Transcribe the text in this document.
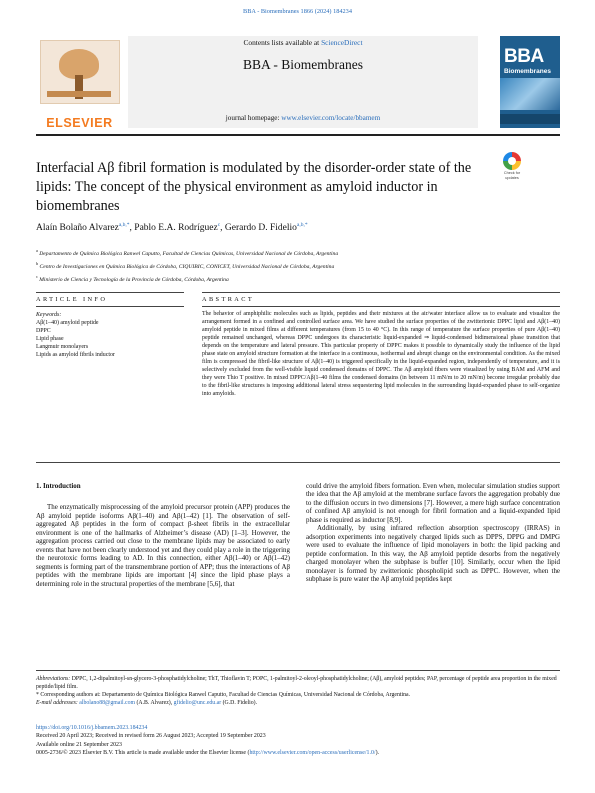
BBA - Biomembranes 1866 (2024) 184234
ELSEVIER
Contents lists available at ScienceDirect
BBA - Biomembranes
journal homepage: www.elsevier.com/locate/bbamem
BBA
Biomembranes
Interfacial Aβ fibril formation is modulated by the disorder-order state of the lipids: The concept of the physical environment as amyloid inductor in biomembranes
Check for updates
Alaín Bolaño Alvarez$^{a,b,*}$, Pablo E.A. Rodríguez$^c$, Gerardo D. Fidelio$^{a,b,*}$
$^a$ Departamento de Química Biológica Ranwel Caputto, Facultad de Ciencias Químicas, Universidad Nacional de Córdoba, Argentina
$^b$ Centro de Investigaciones en Química Biológica de Córdoba, CIQUIBIC, CONICET, Universidad Nacional de Córdoba, Argentina
$^c$ Ministerio de Ciencia y Tecnología de la Provincia de Córdoba, Córdoba, Argentina
ARTICLE INFO	ABSTRACT
Keywords:
Aβ(1–40) amyloid peptide
DPPC
Lipid phase
Langmuir monolayers
Lipids as amyloid fibrils inductor
The behavior of amphiphilic molecules such as lipids, peptides and their mixtures at the air/water interface allow us to evaluate and visualize the arrangement formed in a confined and controlled surface area. We have studied the surface properties of the zwitterionic DPPC lipid and Aβ(1–40) amyloid peptide in mixed films at different temperatures (from 15 to 40 °C). In this range of temperature the surface properties of pure Aβ(1–40) peptide remained unchanged, whereas DPPC undergoes its characteristic liquid-expanded ⇒ liquid-condensed bidimensional phase transition that depends on the temperature and lateral pressure. This particular property of DPPC makes it possible to dynamically study the influence of the lipid phase state on amyloid structure formation at the interface in a continuous, isothermal and abrupt change on the environmental condition. As the mixed film is compressed the fibril-like structure of Aβ(1–40) is triggered specifically in the liquid-expanded region, independently of temperature, and it is selectively excluded from the well-visible liquid condensed domains of DPPC. The Aβ amyloid fibers were visualized by using BAM and AFM and they were Thio T positive. In mixed DPPC/Aβ(1–40 films the condensed domains (in between 11 mN/m to 20 mN/m) become irregular probably due to the fibril-like structures is imposing additional lateral stress sequestering lipid molecules in the surrounding liquid-expanded phase to self-organize into amyloids.
1. Introduction

The enzymatically misprocessing of the amyloid precursor protein (APP) produces the Aβ amyloid peptide isoforms Aβ(1–40) and Aβ(1–42) [1]. The observation of self-aggregated Aβ peptides in the form of compact β-sheet fibrils in the extracellular environment is one of the hallmarks of Alzheimer’s disease (AD) [1–3]. However, the aggregation process carried out close to the membrane lipids may be associated to early events that have not been clearly understood yet and they could play a role in the triggering the neurotoxic forms leading to AD. In this connection, either Aβ(1–40) or Aβ(1–42) segments is forming part of the transmembrane portion of APP; thus the interactions of Aβ peptides with the membrane lipids are important [4] since the lipid phase plays a determining role in the structural properties of the membrane [5,6], that

could drive the amyloid fibers formation. Even when, molecular simulation studies support the idea that the Aβ amyloid at the membrane surface favors the aggregation probably due to the diffusion occurs in two dimensions [7]. However, a mere high surface concentration of confined Aβ amyloid is not enough for fibril formation and a liquid-expanded lipid phase is required as inductor [8,9].

Additionally, by using infrared reflection absorption spectroscopy (IRRAS) in adsorption experiments into negatively charged lipids such as DPPS, DPPG and DMPG were used to evaluate the influence of lipid monolayers in both: the lipid packing and peptide conformation. In this way, the Aβ amyloid peptide desorbs from the negatively charged monolayer when the subphase is buffer [10]. Similarly, occur when the lipid monolayer is formed by zwitterionic phospholipid such as DPPC. However, when the subphase is pure water the Aβ amyloid peptides kept

Abbreviations: DPPC, 1,2-dipalmitoyl-sn-glycero-3-phosphatidylcholine; ThT, Thioflavin T; POPC, 1-palmitoyl-2-oleoyl-phosphatidylcholine; (Aβ), amyloid peptides; PAP, percentage of peptide area proportion in the mixed peptide/lipid film.

* Corresponding authors at: Departamento de Química Biológica Ranwel Caputto, Facultad de Ciencias Químicas, Universidad Nacional de Córdoba, Argentina.

E-mail addresses: albolano88@gmail.com (A.B. Alvarez), gfidelio@unc.edu.ar (G.D. Fidelio).

https://doi.org/10.1016/j.bbamem.2023.184234

Received 20 April 2023; Received in revised form 26 August 2023; Accepted 19 September 2023

Available online 21 September 2023

0005-2736/© 2023 Elsevier B.V. This article is made available under the Elsevier license (http://www.elsevier.com/open-access/userlicense/1.0/).
